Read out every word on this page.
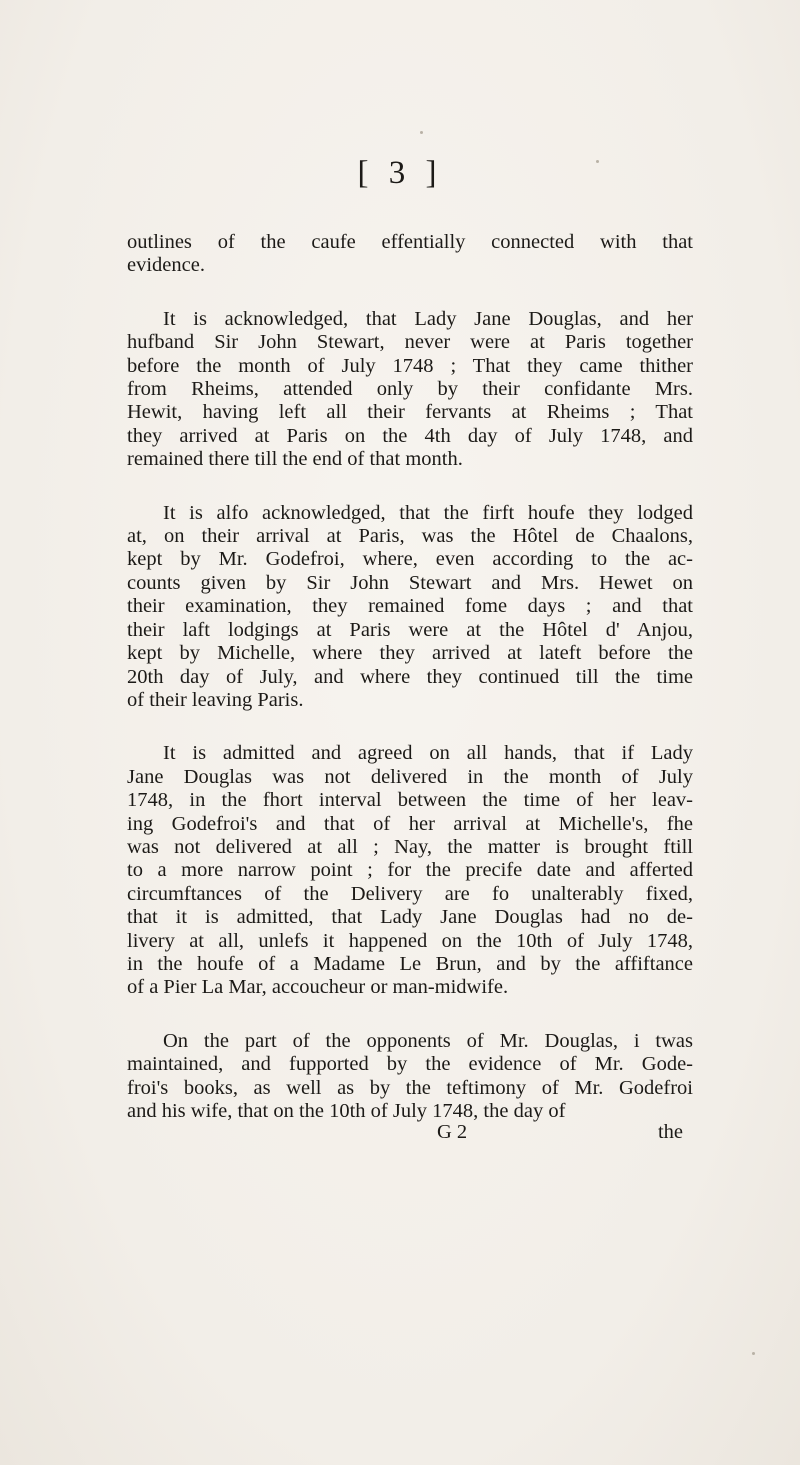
[ 3 ]

outlines of the caufe effentially connected with that
evidence.

It is acknowledged, that Lady Jane Douglas, and her
hufband Sir John Stewart, never were at Paris together
before the month of July 1748 ; That they came thither
from Rheims, attended only by their confidante Mrs.
Hewit, having left all their fervants at Rheims ; That
they arrived at Paris on the 4th day of July 1748, and
remained there till the end of that month.

It is alfo acknowledged, that the firft houfe they lodged
at, on their arrival at Paris, was the Hôtel de Chaalons,
kept by Mr. Godefroi, where, even according to the ac-
counts given by Sir John Stewart and Mrs. Hewet on
their examination, they remained fome days ; and that
their laft lodgings at Paris were at the Hôtel d' Anjou,
kept by Michelle, where they arrived at lateft before the
20th day of July, and where they continued till the time
of their leaving Paris.

It is admitted and agreed on all hands, that if Lady
Jane Douglas was not delivered in the month of July
1748, in the fhort interval between the time of her leav-
ing Godefroi's and that of her arrival at Michelle's, fhe
was not delivered at all ; Nay, the matter is brought ftill
to a more narrow point ; for the precife date and afferted
circumftances of the Delivery are fo unalterably fixed,
that it is admitted, that Lady Jane Douglas had no de-
livery at all, unlefs it happened on the 10th of July 1748,
in the houfe of a Madame Le Brun, and by the affiftance
of a Pier La Mar, accoucheur or man-midwife.

On the part of the opponents of Mr. Douglas, i twas
maintained, and fupported by the evidence of Mr. Gode-
froi's books, as well as by the teftimony of Mr. Godefroi
and his wife, that on the 10th of July 1748, the day of

G 2	the
